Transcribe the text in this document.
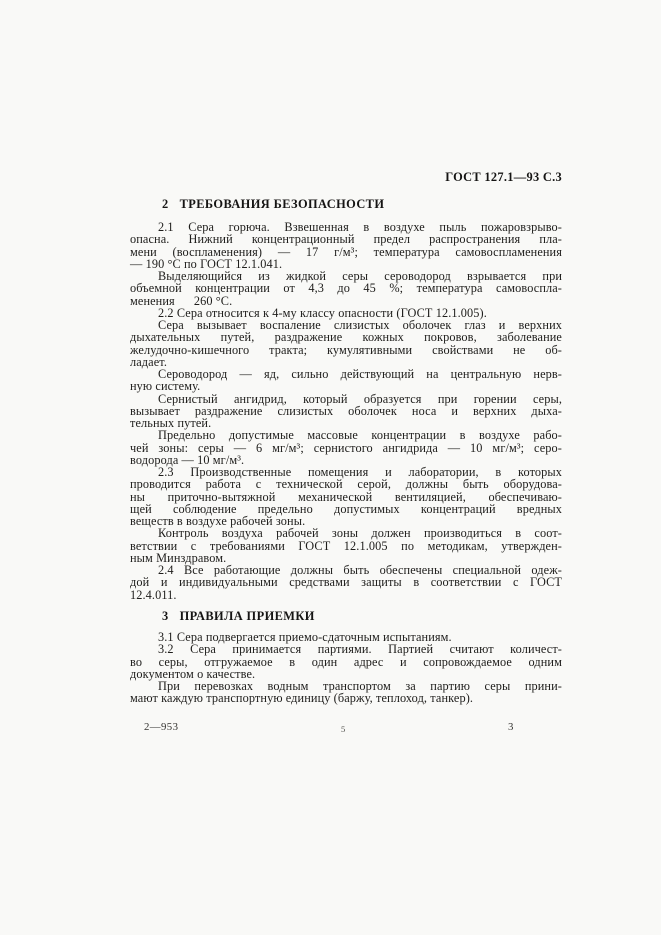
ГОСТ 127.1—93 С.3
2 ТРЕБОВАНИЯ БЕЗОПАСНОСТИ
2.1 Сера горюча. Взвешенная в воздухе пыль пожаровзрыво-
опасна. Нижний концентрационный предел распространения пла-
мени (воспламенения) — 17 г/м³; температура самовоспламенения
— 190 °С по ГОСТ 12.1.041.
Выделяющийся из жидкой серы сероводород взрывается при
объемной концентрации от 4,3 до 45 %; температура самовоспла-
менения      260 °С.
2.2 Сера относится к 4-му классу опасности (ГОСТ 12.1.005).
Сера вызывает воспаление слизистых оболочек глаз и верхних
дыхательных путей, раздражение кожных покровов, заболевание
желудочно-кишечного тракта; кумулятивными свойствами не об-
ладает.
Сероводород — яд, сильно действующий на центральную нерв-
ную систему.
Сернистый ангидрид, который образуется при горении серы,
вызывает раздражение слизистых оболочек носа и верхних дыха-
тельных путей.
Предельно допустимые массовые концентрации в воздухе рабо-
чей зоны: серы — 6 мг/м³; сернистого ангидрида — 10 мг/м³; серо-
водорода — 10 мг/м³.
2.3 Производственные помещения и лаборатории, в которых
проводится работа с технической серой, должны быть оборудова-
ны приточно-вытяжной механической вентиляцией, обеспечиваю-
щей соблюдение предельно допустимых концентраций вредных
веществ в воздухе рабочей зоны.
Контроль воздуха рабочей зоны должен производиться в соот-
ветствии с требованиями ГОСТ 12.1.005 по методикам, утвержден-
ным Минздравом.
2.4 Все работающие должны быть обеспечены специальной одеж-
дой и индивидуальными средствами защиты в соответствии с ГОСТ
12.4.011.
3 ПРАВИЛА ПРИЕМКИ
3.1 Сера подвергается приемо-сдаточным испытаниям.
3.2 Сера принимается партиями. Партией считают количест-
во серы, отгружаемое в один адрес и сопровождаемое одним
документом о качестве.
При перевозках водным транспортом за партию серы прини-
мают каждую транспортную единицу (баржу, теплоход, танкер).
2—953	5	3
